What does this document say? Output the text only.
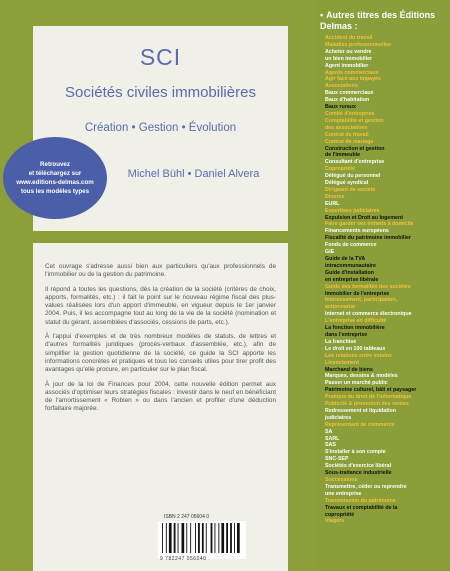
SCI
Sociétés civiles immobilières
Création • Gestion • Évolution
Michel Bühl • Daniel Alvera
Retrouvez
et téléchargez sur
www.editions-delmas.com
tous les modèles types

Cet ouvrage s'adresse aussi bien aux particuliers qu'aux professionnels de l'immobilier ou de la gestion du patrimoine.

Il répond à toutes les questions, dès la création de la société (critères de choix, apports, formalités, etc.) : il fait le point sur le nouveau régime fiscal des plus-values réalisées lors d'un apport d'immeuble, en vigueur depuis le 1er janvier 2004. Puis, il les accompagne tout au long de la vie de la société (nomination et statut du gérant, assemblées d'associés, cessions de parts, etc.).

À l'appui d'exemples et de très nombreux modèles de statuts, de lettres et d'autres formalités juridiques (procès-verbaux d'assemblée, etc.), afin de simplifier la gestion quotidienne de la société, ce guide la SCI apporte les informations concrètes et pratiques et tous les conseils utiles pour tirer profit des avantages qu'elle procure, en particulier sur le plan fiscal.

À jour de la loi de Finances pour 2004, cette nouvelle édition permet aux associés d'optimiser leurs stratégies fiscales : investir dans le neuf en bénéficiant de l'amortissement « Robien » ou dans l'ancien et profiter d'une déduction forfaitaire majorée.

ISBN 2 247 05604 0
9 782247 056040
• Autres titres des Éditions Delmas :
Accident du travail
Maladies professionnelles
Acheter ou vendre
un bien immobilier
Agent immobilier
Agents commerciaux
Agir face aux impayés
Associations
Baux commerciaux
Baux d'habitation
Baux ruraux
Comité d'entreprise
Comptabilité et gestion
des associations
Contrat de travail
Contrat de mariage
Construction et gestion
de l'immeuble
Consultant d'entreprise
Copropriété
Délégué du personnel
Délégué syndical
Dirigeant de société
Divorce
EURL
Expertises judiciaires
Expulsion et Droit au logement
Faire garder ses enfants à domicile
Financements européens
Fiscalité du patrimoine immobilier
Fonds de commerce
GIE
Guide de la TVA
intracommunautaire
Guide d'installation
en entreprise libérale
Guide des formalités des sociétés
Immobilier de l'entreprise
Intéressement, participation,
actionnariat
Internet et commerce électronique
L'entreprise en difficulté
La fonction immobilière
dans l'entreprise
La franchise
Le droit en 100 tableaux
Les relations entre voisins
Licenciement
Marchand de biens
Marques, dessins & modèles
Passer un marché public
Patrimoine culturel, bâti et paysager
Pratique du droit de l'informatique
Publicité & promotion des ventes
Redressement et liquidation
judiciaires
Représentant de commerce
SA
SARL
SAS
S'installer à son compte
SNC-SEP
Sociétés d'exercice libéral
Sous-traitance industrielle
Successions
Transmettre, céder ou reprendre
une entreprise
Transmission du patrimoine
Travaux et comptabilité de la
copropriété
Viagers
